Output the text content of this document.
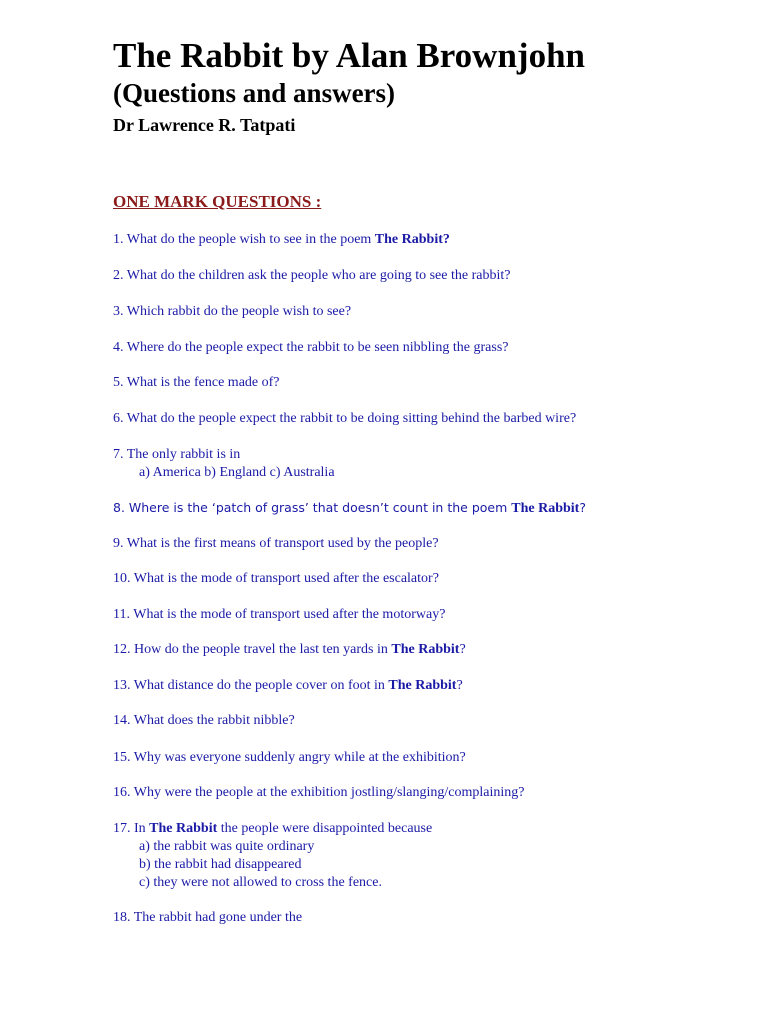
The Rabbit by Alan Brownjohn
(Questions and answers)
Dr Lawrence R. Tatpati
ONE MARK QUESTIONS :
1. What do the people wish to see in the poem The Rabbit?
2. What do the children ask the people who are going to see the rabbit?
3. Which rabbit do the people wish to see?
4. Where do the people expect the rabbit to be seen nibbling the grass?
5. What is the fence made of?
6. What do the people expect the rabbit to be doing sitting behind the barbed wire?
7. The only rabbit is in
a) America b) England c) Australia
8. Where is the ‘patch of grass’ that doesn’t count in the poem The Rabbit?
9. What is the first means of transport used by the people?
10. What is the mode of transport used after the escalator?
11. What is the mode of transport used after the motorway?
12. How do the people travel the last ten yards in The Rabbit?
13. What distance do the people cover on foot in The Rabbit?
14. What does the rabbit nibble?
15. Why was everyone suddenly angry while at the exhibition?
16. Why were the people at the exhibition jostling/slanging/complaining?
17. In The Rabbit the people were disappointed because
a) the rabbit was quite ordinary
b) the rabbit had disappeared
c) they were not allowed to cross the fence.
18. The rabbit had gone under the
